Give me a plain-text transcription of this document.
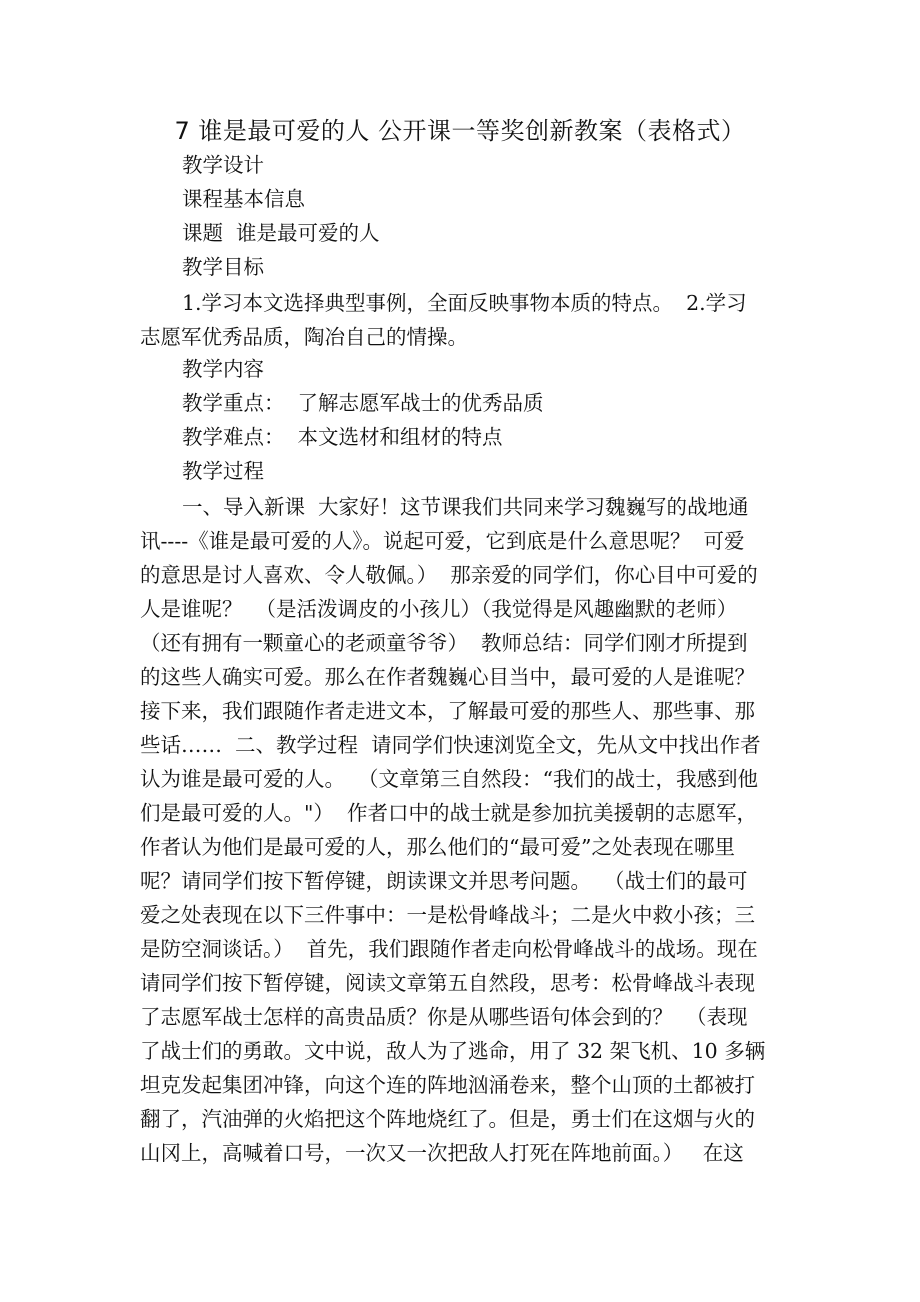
7 谁是最可爱的人 公开课一等奖创新教案（表格式）
教学设计
课程基本信息
课题  谁是最可爱的人
教学目标
1.学习本文选择典型事例，全面反映事物本质的特点。  2.学习
志愿军优秀品质，陶冶自己的情操。
教学内容
教学重点：  了解志愿军战士的优秀品质
教学难点：  本文选材和组材的特点
教学过程
一、导入新课  大家好！这节课我们共同来学习魏巍写的战地通
讯----《谁是最可爱的人》。说起可爱，它到底是什么意思呢？  可爱
的意思是讨人喜欢、令人敬佩。）  那亲爱的同学们，你心目中可爱的
人是谁呢？  （是活泼调皮的小孩儿）（我觉得是风趣幽默的老师）
（还有拥有一颗童心的老顽童爷爷）  教师总结：同学们刚才所提到
的这些人确实可爱。那么在作者魏巍心目当中，最可爱的人是谁呢？
接下来，我们跟随作者走进文本，了解最可爱的那些人、那些事、那
些话……  二、教学过程  请同学们快速浏览全文，先从文中找出作者
认为谁是最可爱的人。  （文章第三自然段：“我们的战士，我感到他
们是最可爱的人。"）  作者口中的战士就是参加抗美援朝的志愿军，
作者认为他们是最可爱的人，那么他们的“最可爱”之处表现在哪里
呢？请同学们按下暂停键，朗读课文并思考问题。  （战士们的最可
爱之处表现在以下三件事中：一是松骨峰战斗；二是火中救小孩；三
是防空洞谈话。）  首先，我们跟随作者走向松骨峰战斗的战场。现在
请同学们按下暂停键，阅读文章第五自然段，思考：松骨峰战斗表现
了志愿军战士怎样的高贵品质？你是从哪些语句体会到的？  （表现
了战士们的勇敢。文中说，敌人为了逃命，用了 32 架飞机、10 多辆
坦克发起集团冲锋，向这个连的阵地汹涌卷来，整个山顶的土都被打
翻了，汽油弹的火焰把这个阵地烧红了。但是，勇士们在这烟与火的
山冈上，高喊着口号，一次又一次把敌人打死在阵地前面。）   在这
